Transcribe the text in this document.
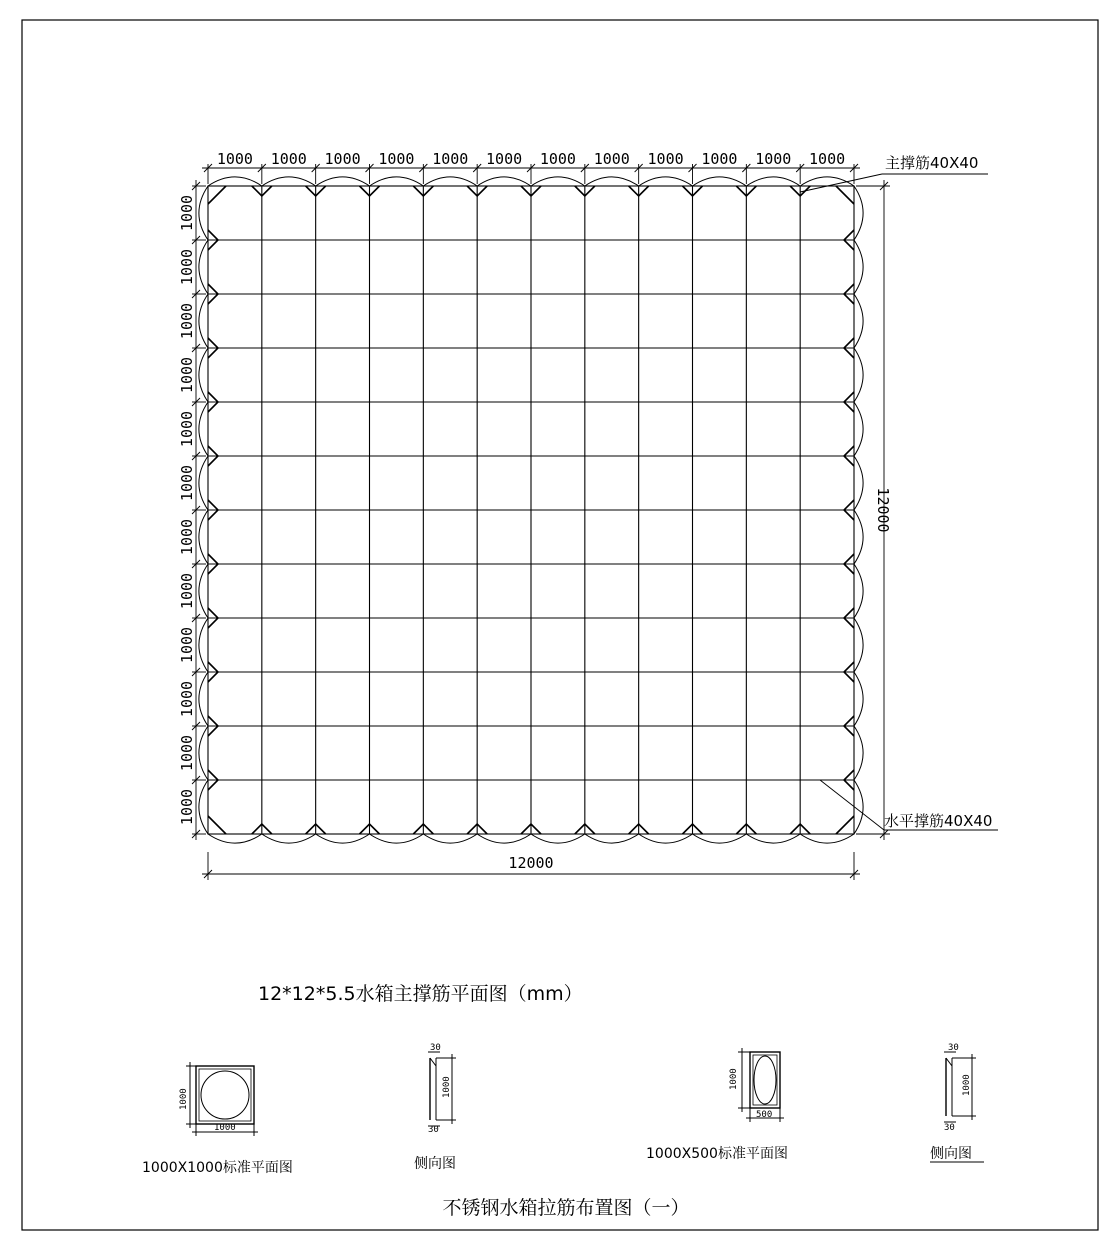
1000 1000 1000 1000 1000 1000 1000 1000 1000 1000 1000 1000
1000
1000
1000
1000
1000
1000
1000
1000
1000
1000
1000
1000
12000
12000
主撑筋40X40
水平撑筋40X40
12*12*5.5水箱主撑筋平面图（mm）
不锈钢水箱拉筋布置图（一）
1000
1000
1000X1000标准平面图
30
1000
30
侧向图
1000
500
1000X500标准平面图
30
1000
30
侧向图
